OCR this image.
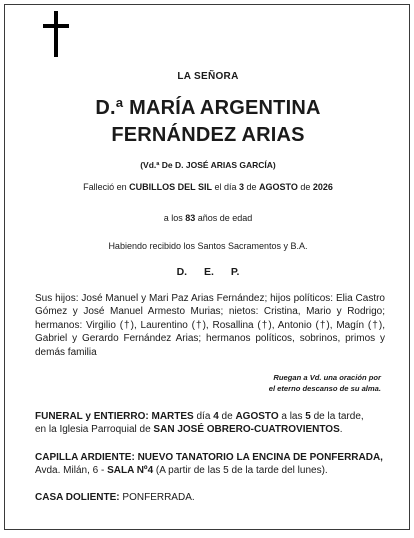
LA SEÑORA
D.ª MARÍA ARGENTINA
FERNÁNDEZ ARIAS
(Vd.ª De D. JOSÉ ARIAS GARCÍA)
Falleció en CUBILLOS DEL SIL el día 3 de AGOSTO de 2026
a los 83 años de edad
Habiendo recibido los Santos Sacramentos y B.A.
D. E. P.
Sus hijos: José Manuel y Mari Paz Arias Fernández; hijos políticos: Elia Castro Gómez y José Manuel Armesto Murias; nietos: Cristina, Mario y Rodrigo; hermanos: Virgilio (†), Laurentino (†), Rosallina (†), Antonio (†), Magín (†), Gabriel y Gerardo Fernández Arias; hermanos políticos, sobrinos, primos y demás familia
Ruegan a Vd. una oración por
el eterno descanso de su alma.
FUNERAL y ENTIERRO: MARTES día 4 de AGOSTO a las 5 de la tarde,
en la Iglesia Parroquial de SAN JOSÉ OBRERO-CUATROVIENTOS.
CAPILLA ARDIENTE: NUEVO TANATORIO LA ENCINA DE PONFERRADA,
Avda. Milán, 6 - SALA Nº4 (A partir de las 5 de la tarde del lunes).
CASA DOLIENTE: PONFERRADA.
